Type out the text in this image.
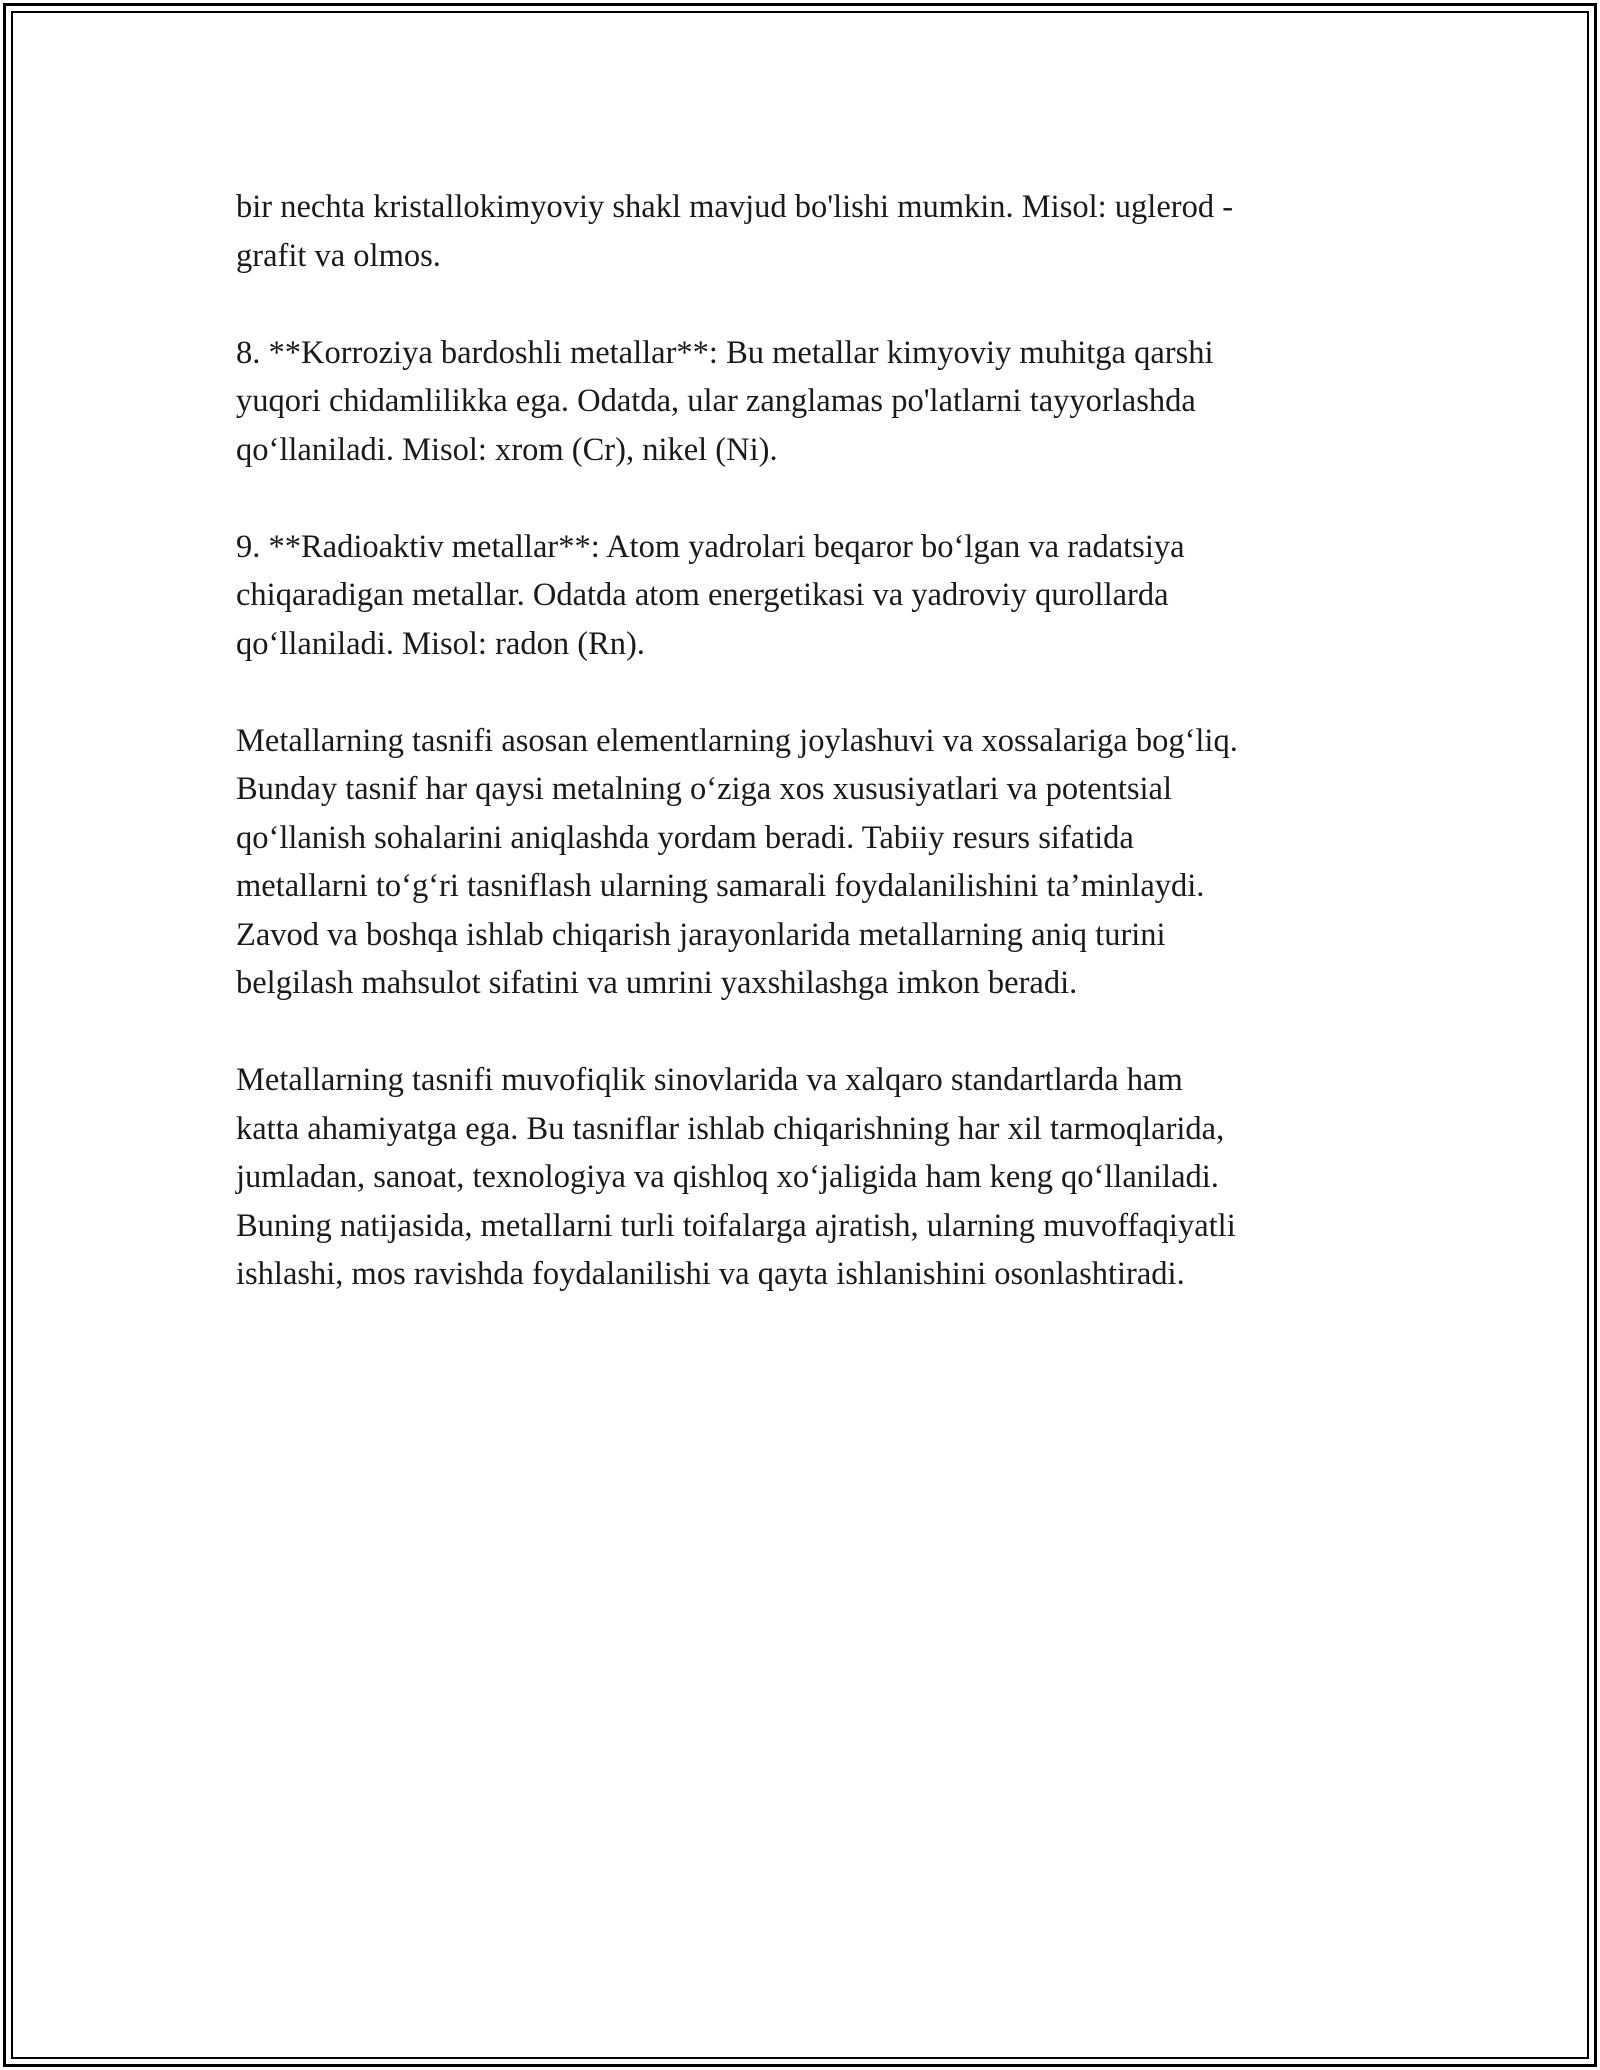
bir nechta kristallokimyoviy shakl mavjud bo'lishi mumkin. Misol: uglerod -
grafit va olmos.

8. **Korroziya bardoshli metallar**: Bu metallar kimyoviy muhitga qarshi
yuqori chidamlilikka ega. Odatda, ular zanglamas po'latlarni tayyorlashda
qo‘llaniladi. Misol: xrom (Cr), nikel (Ni).

9. **Radioaktiv metallar**: Atom yadrolari beqaror bo‘lgan va radatsiya
chiqaradigan metallar. Odatda atom energetikasi va yadroviy qurollarda
qo‘llaniladi. Misol: radon (Rn).

Metallarning tasnifi asosan elementlarning joylashuvi va xossalariga bog‘liq.
Bunday tasnif har qaysi metalning o‘ziga xos xususiyatlari va potentsial
qo‘llanish sohalarini aniqlashda yordam beradi. Tabiiy resurs sifatida
metallarni to‘g‘ri tasniflash ularning samarali foydalanilishini ta’minlaydi.
Zavod va boshqa ishlab chiqarish jarayonlarida metallarning aniq turini
belgilash mahsulot sifatini va umrini yaxshilashga imkon beradi.

Metallarning tasnifi muvofiqlik sinovlarida va xalqaro standartlarda ham
katta ahamiyatga ega. Bu tasniflar ishlab chiqarishning har xil tarmoqlarida,
jumladan, sanoat, texnologiya va qishloq xo‘jaligida ham keng qo‘llaniladi.
Buning natijasida, metallarni turli toifalarga ajratish, ularning muvoffaqiyatli
ishlashi, mos ravishda foydalanilishi va qayta ishlanishini osonlashtiradi.
